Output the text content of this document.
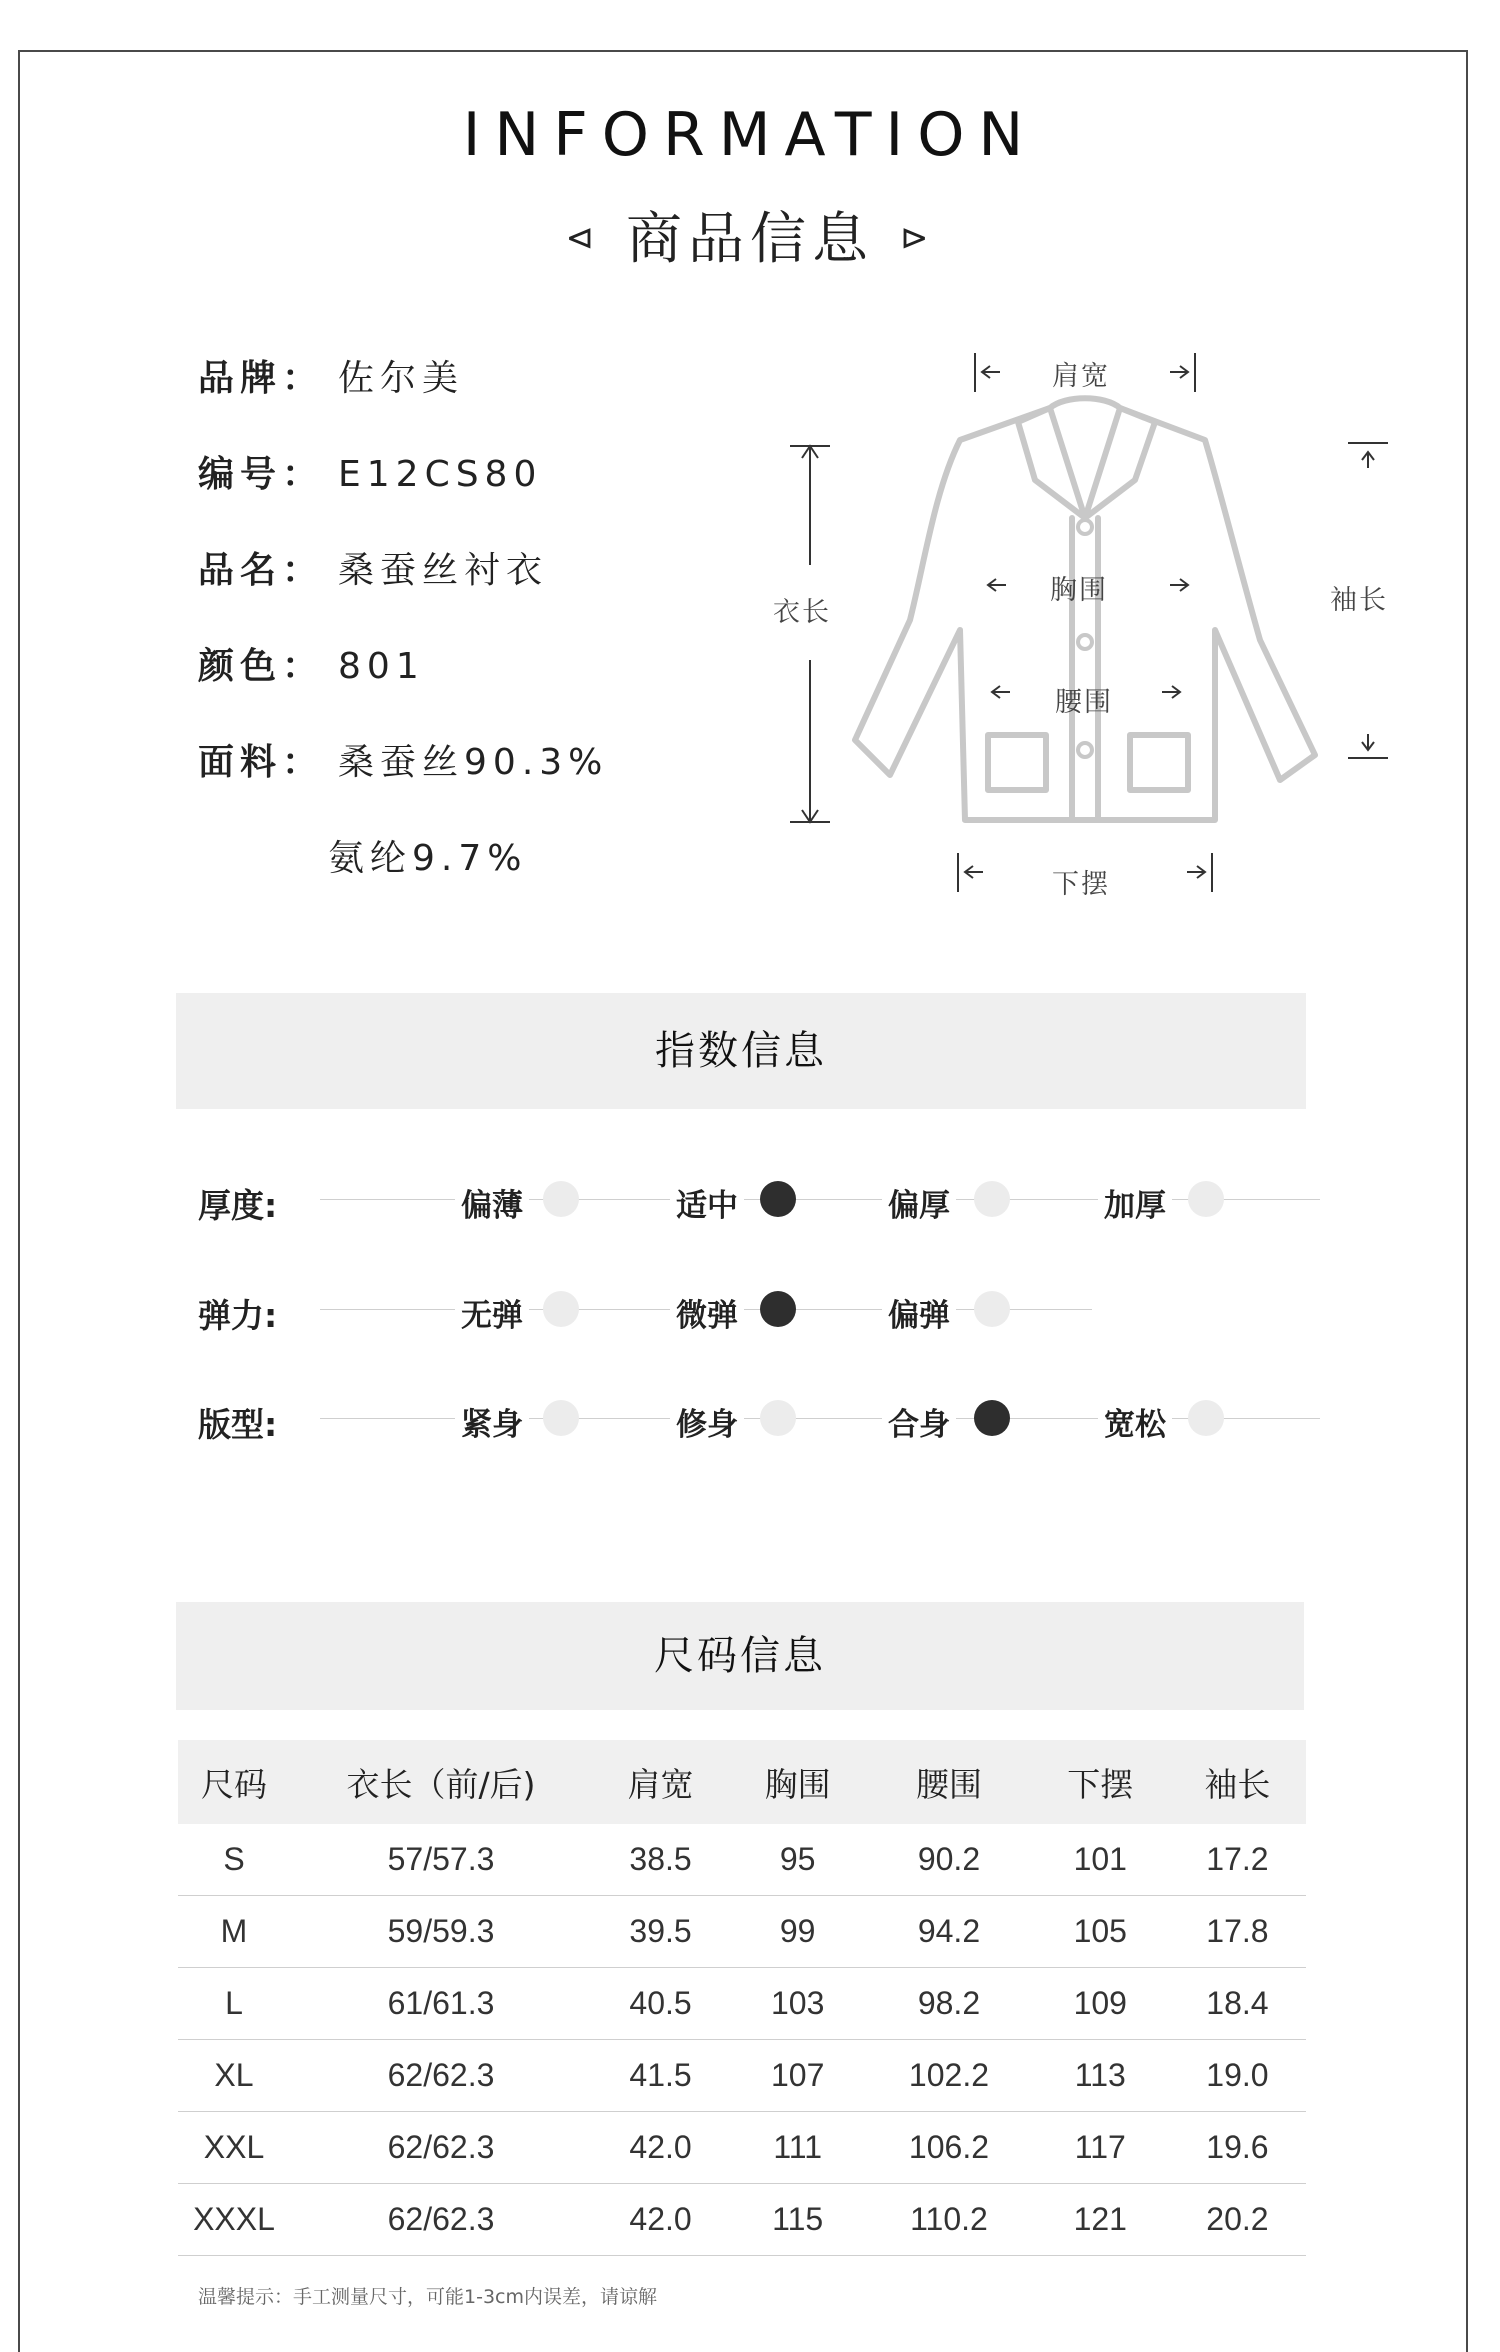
INFORMATION
⊲ 商品信息 ⊳
品牌： 佐尔美
编号： E12CS80
品名： 桑蚕丝衬衣
颜色： 801
面料： 桑蚕丝90.3%
氨纶9.7%
肩宽
衣长
胸围
腰围
袖长
下摆
指数信息
厚度:	偏薄	适中	偏厚	加厚
弹力:	无弹	微弹	偏弹
版型:	紧身	修身	合身	宽松
尺码信息
尺码	衣长（前/后)	肩宽	胸围	腰围	下摆	袖长
S	57/57.3	38.5	95	90.2	101	17.2
M	59/59.3	39.5	99	94.2	105	17.8
L	61/61.3	40.5	103	98.2	109	18.4
XL	62/62.3	41.5	107	102.2	113	19.0
XXL	62/62.3	42.0	111	106.2	117	19.6
XXXL	62/62.3	42.0	115	110.2	121	20.2
温馨提示：手工测量尺寸，可能1-3cm内误差，请谅解
